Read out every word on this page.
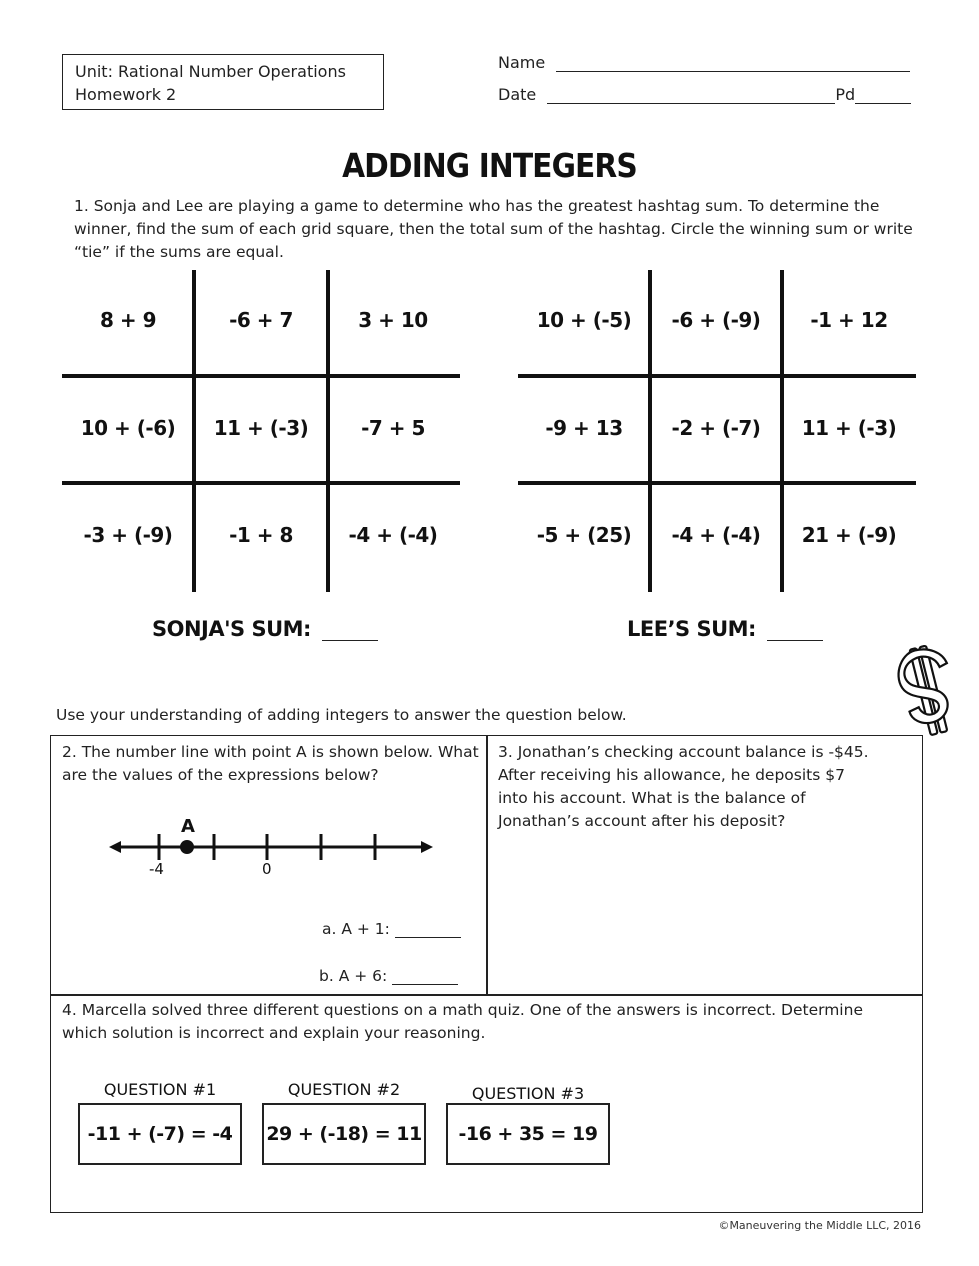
Unit: Rational Number Operations
Homework 2
Name
Date	Pd
ADDING INTEGERS
1. Sonja and Lee are playing a game to determine who has the greatest hashtag sum. To determine the winner, find the sum of each grid square, then the total sum of the hashtag. Circle the winning sum or write “tie” if the sums are equal.
8 + 9	-6 + 7	3 + 10
10 + (-6)	11 + (-3)	-7 + 5
-3 + (-9)	-1 + 8	-4 + (-4)
10 + (-5)	-6 + (-9)	-1 + 12
-9 + 13	-2 + (-7)	11 + (-3)
-5 + (25)	-4 + (-4)	21 + (-9)
SONJA'S SUM:	LEE’S SUM:
Use your understanding of adding integers to answer the question below.
2. The number line with point A is shown below. What are the values of the expressions below?
A
-4	0
a. A + 1:
b. A + 6:
3. Jonathan’s checking account balance is -$45. After receiving his allowance, he deposits $7 into his account. What is the balance of Jonathan’s account after his deposit?
4. Marcella solved three different questions on a math quiz. One of the answers is incorrect. Determine which solution is incorrect and explain your reasoning.
QUESTION #1
-11 + (-7) = -4
QUESTION #2
29 + (-18) = 11
QUESTION #3
-16 + 35 = 19
©Maneuvering the Middle LLC, 2016
